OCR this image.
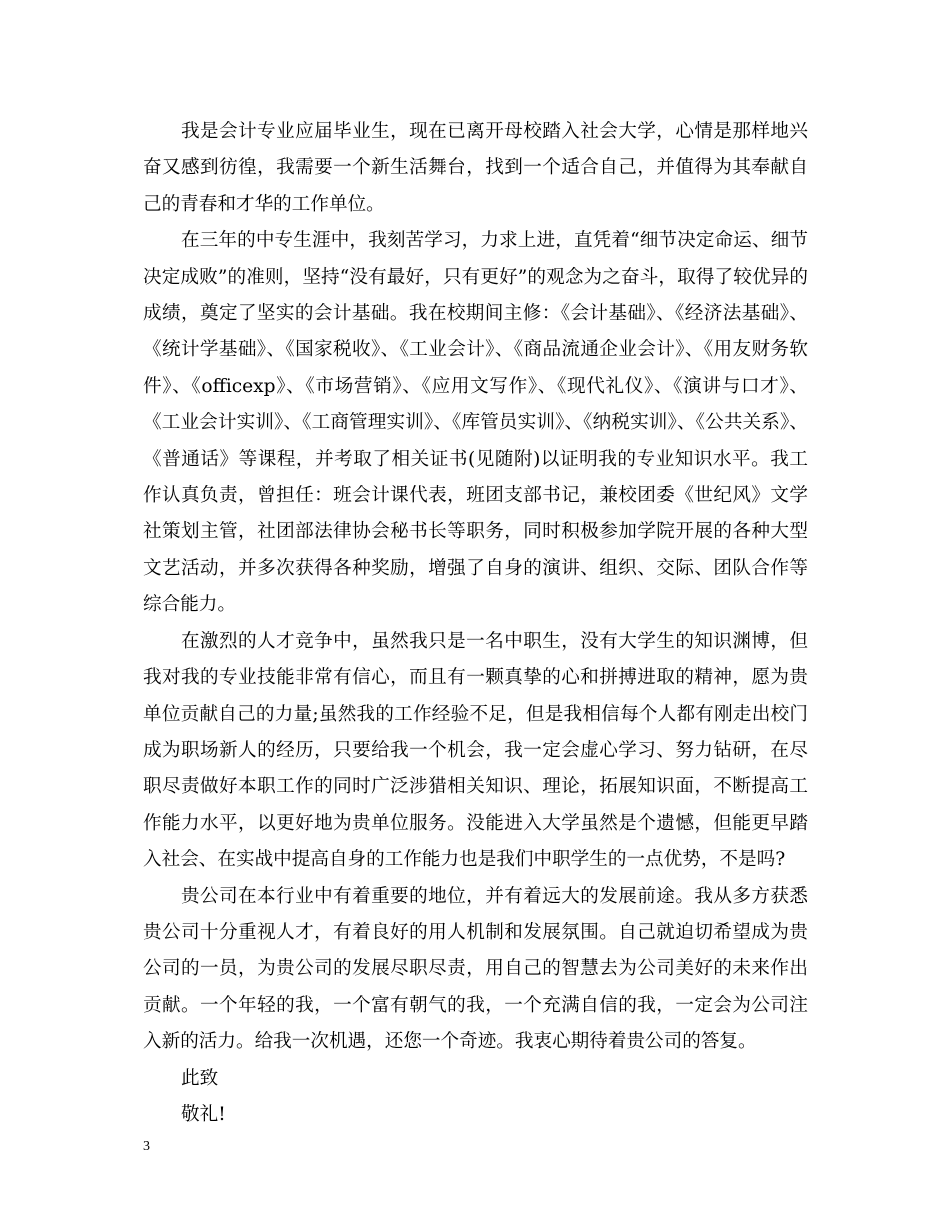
我是会计专业应届毕业生，现在已离开母校踏入社会大学，心情是那样地兴奋又感到彷徨，我需要一个新生活舞台，找到一个适合自己，并值得为其奉献自己的青春和才华的工作单位。

在三年的中专生涯中，我刻苦学习，力求上进，直凭着“细节决定命运、细节决定成败”的准则，坚持“没有最好，只有更好”的观念为之奋斗，取得了较优异的成绩，奠定了坚实的会计基础。我在校期间主修：《会计基础》、《经济法基础》、《统计学基础》、《国家税收》、《工业会计》、《商品流通企业会计》、《用友财务软件》、《officexp》、《市场营销》、《应用文写作》、《现代礼仪》、《演讲与口才》、《工业会计实训》、《工商管理实训》、《库管员实训》、《纳税实训》、《公共关系》、《普通话》等课程，并考取了相关证书(见随附)以证明我的专业知识水平。我工作认真负责，曾担任：班会计课代表，班团支部书记，兼校团委《世纪风》文学社策划主管，社团部法律协会秘书长等职务，同时积极参加学院开展的各种大型文艺活动，并多次获得各种奖励，增强了自身的演讲、组织、交际、团队合作等综合能力。

在激烈的人才竞争中，虽然我只是一名中职生，没有大学生的知识渊博，但我对我的专业技能非常有信心，而且有一颗真挚的心和拼搏进取的精神，愿为贵单位贡献自己的力量;虽然我的工作经验不足，但是我相信每个人都有刚走出校门成为职场新人的经历，只要给我一个机会，我一定会虚心学习、努力钻研，在尽职尽责做好本职工作的同时广泛涉猎相关知识、理论，拓展知识面，不断提高工作能力水平，以更好地为贵单位服务。没能进入大学虽然是个遗憾，但能更早踏入社会、在实战中提高自身的工作能力也是我们中职学生的一点优势，不是吗?

贵公司在本行业中有着重要的地位，并有着远大的发展前途。我从多方获悉贵公司十分重视人才，有着良好的用人机制和发展氛围。自己就迫切希望成为贵公司的一员，为贵公司的发展尽职尽责，用自己的智慧去为公司美好的未来作出贡献。一个年轻的我，一个富有朝气的我，一个充满自信的我，一定会为公司注入新的活力。给我一次机遇，还您一个奇迹。我衷心期待着贵公司的答复。

此致

敬礼!

3
